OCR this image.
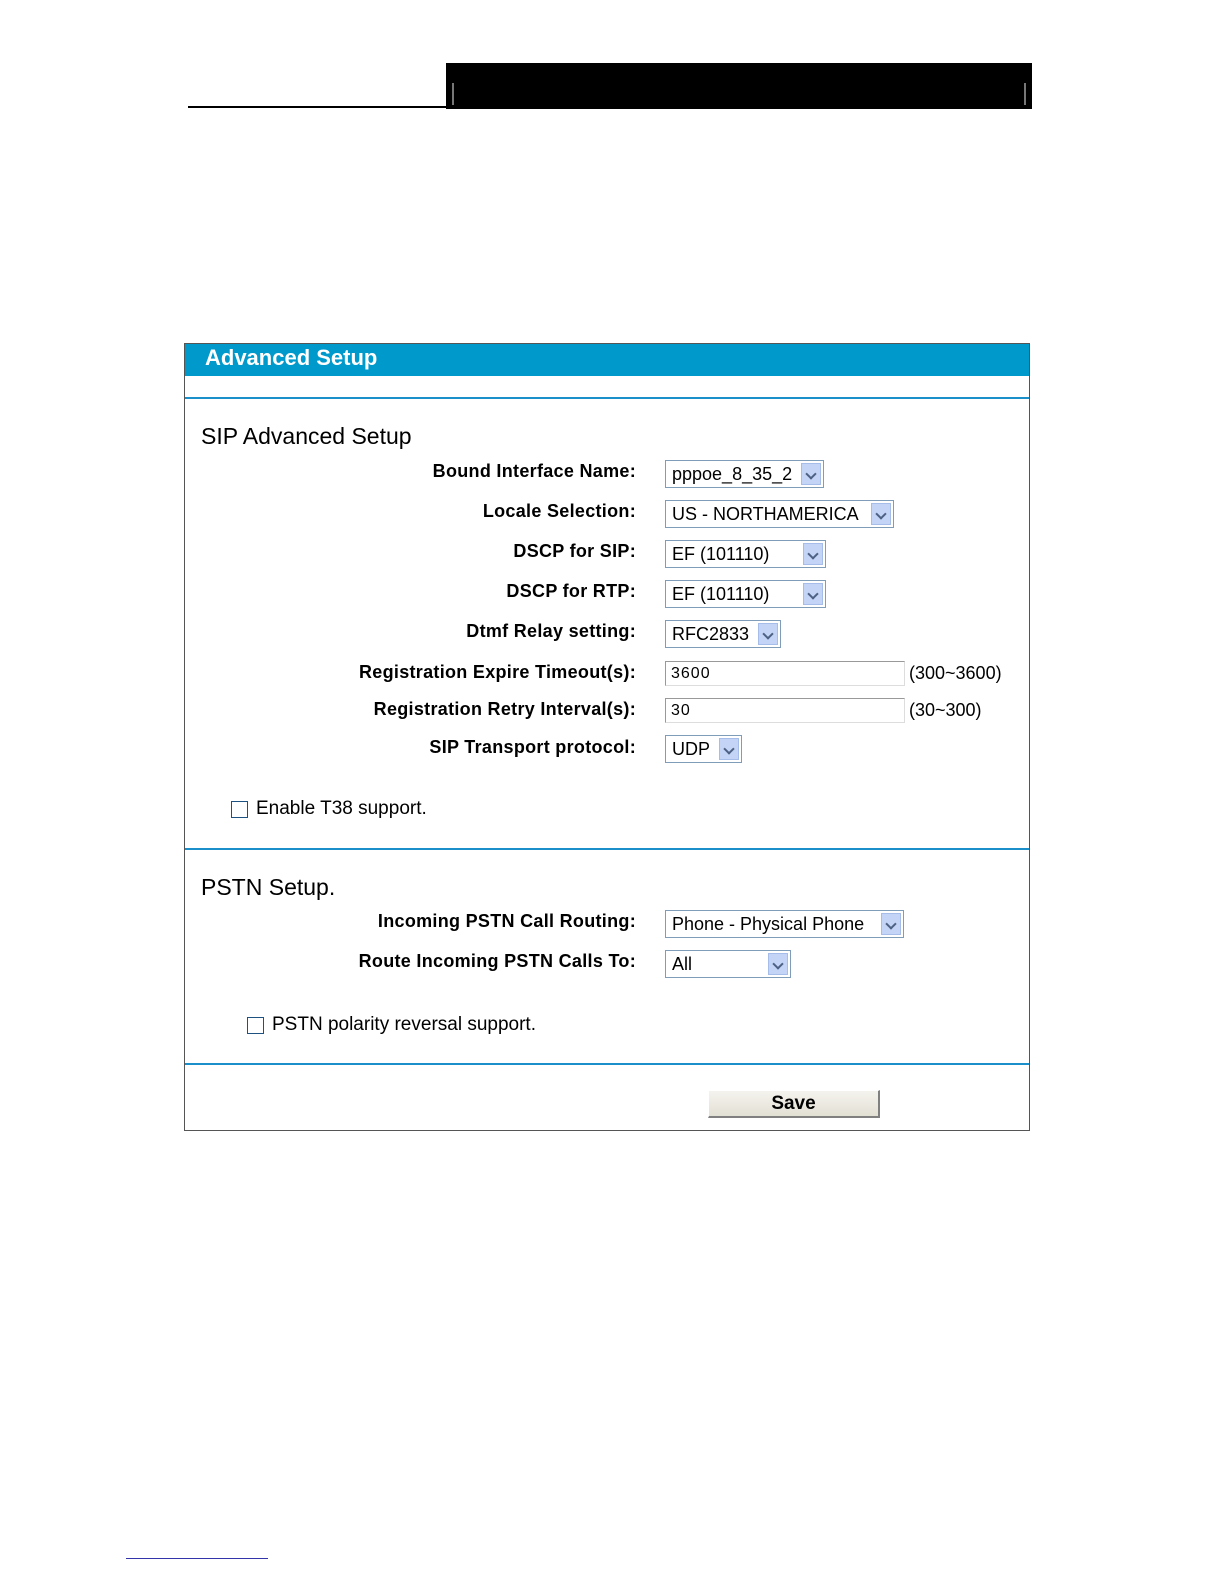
Advanced Setup
SIP Advanced Setup
Bound Interface Name: pppoe_8_35_2
Locale Selection: US - NORTHAMERICA
DSCP for SIP: EF (101110)
DSCP for RTP: EF (101110)
Dtmf Relay setting: RFC2833
Registration Expire Timeout(s):	3600	(300~3600)
Registration Retry Interval(s):	30	(30~300)
SIP Transport protocol: UDP
Enable T38 support.
PSTN Setup.
Incoming PSTN Call Routing: Phone - Physical Phone
Route Incoming PSTN Calls To: All
PSTN polarity reversal support.
Save
